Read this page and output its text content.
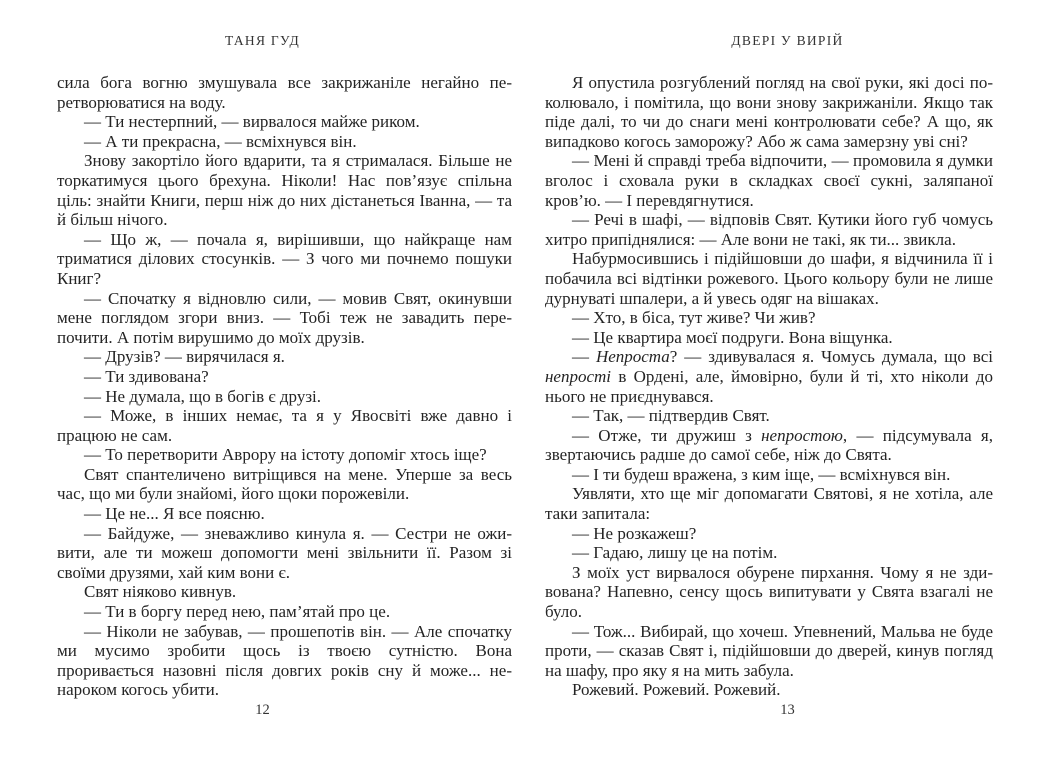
ТАНЯ ГУД

сила бога вогню змушувала все закрижаніле негайно перетворюватися на воду.

— Ти нестерпний, — вирвалося майже риком.

— А ти прекрасна, — всміхнувся він.

Знову закортіло його вдарити, та я стрималася. Більше не торкатимуся цього брехуна. Ніколи! Нас пов’язує спільна ціль: знайти Книги, перш ніж до них дістанеться Іванна, — та й більш нічого.

— Що ж, — почала я, вирішивши, що найкраще нам триматися ділових стосунків. — З чого ми почнемо пошуки Книг?

— Спочатку я відновлю сили, — мовив Свят, окинувши мене поглядом згори вниз. — Тобі теж не завадить перепочити. А потім вирушимо до моїх друзів.

— Друзів? — вирячилася я.

— Ти здивована?

— Не думала, що в богів є друзі.

— Може, в інших немає, та я у Явосвіті вже давно і працюю не сам.

— То перетворити Аврору на істоту допоміг хтось іще?

Свят спантеличено витріщився на мене. Уперше за весь час, що ми були знайомі, його щоки порожевіли.

— Це не... Я все поясню.

— Байдуже, — зневажливо кинула я. — Сестри не оживити, але ти можеш допомогти мені звільнити її. Разом зі своїми друзями, хай ким вони є.

Свят ніяково кивнув.

— Ти в боргу перед нею, пам’ятай про це.

— Ніколи не забував, — прошепотів він. — Але спочатку ми мусимо зробити щось із твоєю сутністю. Вона проривається назовні після довгих років сну й може... ненароком когось убити.

12
ДВЕРІ У ВИРІЙ

Я опустила розгублений погляд на свої руки, які досі поколювало, і помітила, що вони знову закрижаніли. Якщо так піде далі, то чи до снаги мені контролювати себе? А що, як випадково когось заморожу? Або ж сама замерзну уві сні?

— Мені й справді треба відпочити, — промовила я думки вголос і сховала руки в складках своєї сукні, заляпаної кров’ю. — І перевдягнутися.

— Речі в шафі, — відповів Свят. Кутики його губ чомусь хитро припіднялися: — Але вони не такі, як ти... звикла.

Набурмосившись і підійшовши до шафи, я відчинила її і побачила всі відтінки рожевого. Цього кольору були не лише дурнуваті шпалери, а й увесь одяг на вішаках.

— Хто, в біса, тут живе? Чи жив?

— Це квартира моєї подруги. Вона віщунка.

— Непроста? — здивувалася я. Чомусь думала, що всі непрості в Ордені, але, ймовірно, були й ті, хто ніколи до нього не приєднувався.

— Так, — підтвердив Свят.

— Отже, ти дружиш з непростою, — підсумувала я, звертаючись радше до самої себе, ніж до Свята.

— І ти будеш вражена, з ким іще, — всміхнувся він.

Уявляти, хто ще міг допомагати Святові, я не хотіла, але таки запитала:

— Не розкажеш?

— Гадаю, лишу це на потім.

З моїх уст вирвалося обурене пирхання. Чому я не здивована? Напевно, сенсу щось випитувати у Свята взагалі не було.

— Тож... Вибирай, що хочеш. Упевнений, Мальва не буде проти, — сказав Свят і, підійшовши до дверей, кинув погляд на шафу, про яку я на мить забула.

Рожевий. Рожевий. Рожевий.

13
